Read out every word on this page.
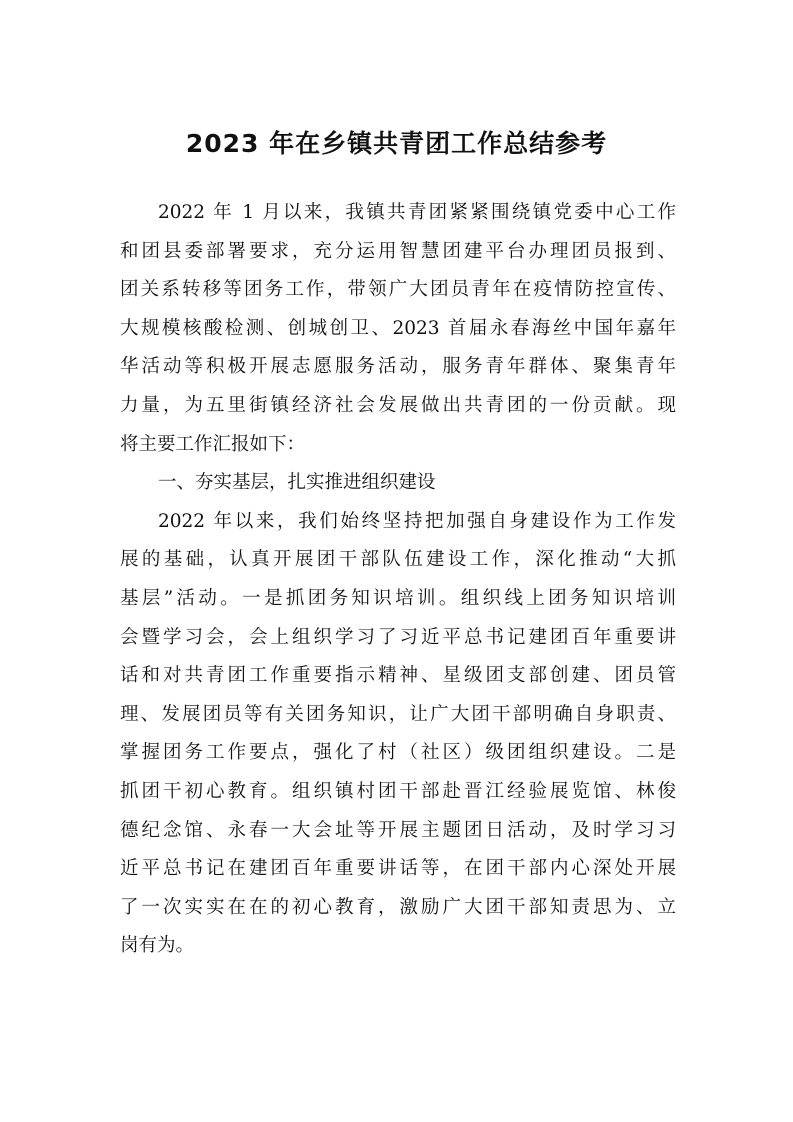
2023 年在乡镇共青团工作总结参考
2022 年 1 月以来，我镇共青团紧紧围绕镇党委中心工作
和团县委部署要求，充分运用智慧团建平台办理团员报到、
团关系转移等团务工作，带领广大团员青年在疫情防控宣传、
大规模核酸检测、创城创卫、2023 首届永春海丝中国年嘉年
华活动等积极开展志愿服务活动，服务青年群体、聚集青年
力量，为五里街镇经济社会发展做出共青团的一份贡献。现
将主要工作汇报如下：
一、夯实基层，扎实推进组织建设
2022 年以来，我们始终坚持把加强自身建设作为工作发
展的基础，认真开展团干部队伍建设工作，深化推动“大抓
基层”活动。一是抓团务知识培训。组织线上团务知识培训
会暨学习会，会上组织学习了习近平总书记建团百年重要讲
话和对共青团工作重要指示精神、星级团支部创建、团员管
理、发展团员等有关团务知识，让广大团干部明确自身职责、
掌握团务工作要点，强化了村（社区）级团组织建设。二是
抓团干初心教育。组织镇村团干部赴晋江经验展览馆、林俊
德纪念馆、永春一大会址等开展主题团日活动，及时学习习
近平总书记在建团百年重要讲话等，在团干部内心深处开展
了一次实实在在的初心教育，激励广大团干部知责思为、立
岗有为。
